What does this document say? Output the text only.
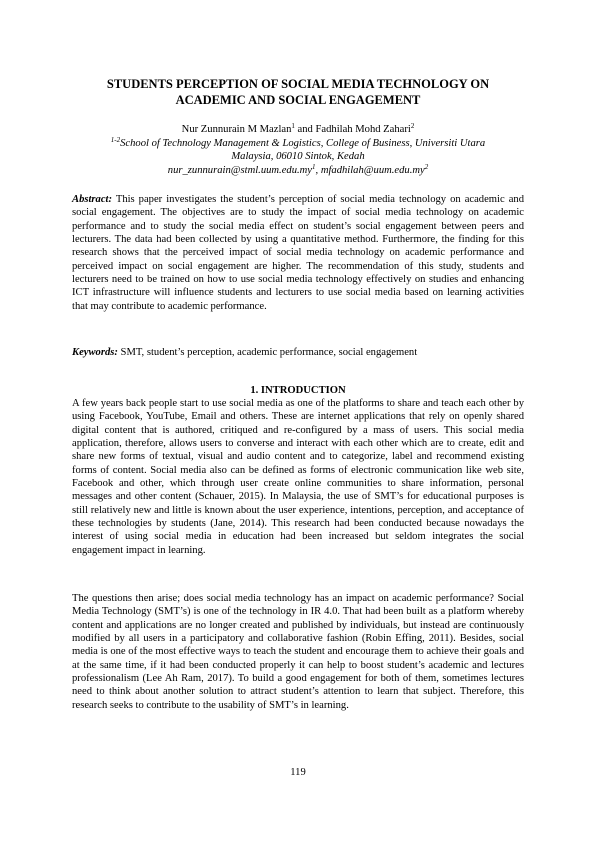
STUDENTS PERCEPTION OF SOCIAL MEDIA TECHNOLOGY ON
ACADEMIC AND SOCIAL ENGAGEMENT
Nur Zunnurain M Mazlan$^1$ and Fadhilah Mohd Zahari$^2$
$^{1-2}$School of Technology Management & Logistics, College of Business, Universiti Utara
Malaysia, 06010 Sintok, Kedah
$nur\_zunnurain@stml.uum.edu.my^1$, $mfadhilah@uum.edu.my^2$

Abstract: This paper investigates the student’s perception of social media technology on academic and social engagement. The objectives are to study the impact of social media technology on academic performance and to study the social media effect on student’s social engagement between peers and lecturers. The data had been collected by using a quantitative method. Furthermore, the finding for this research shows that the perceived impact of social media technology on academic performance and perceived impact on social engagement are higher. The recommendation of this study, students and lecturers need to be trained on how to use social media technology effectively on studies and enhancing ICT infrastructure will influence students and lecturers to use social media based on learning activities that may contribute to academic performance.

Keywords: SMT, student’s perception, academic performance, social engagement

1. INTRODUCTION

A few years back people start to use social media as one of the platforms to share and teach each other by using Facebook, YouTube, Email and others. These are internet applications that rely on openly shared digital content that is authored, critiqued and re-configured by a mass of users. This social media application, therefore, allows users to converse and interact with each other which are to create, edit and share new forms of textual, visual and audio content and to categorize, label and recommend existing forms of content. Social media also can be defined as forms of electronic communication like web site, Facebook and other, which through user create online communities to share information, personal messages and other content (Schauer, 2015). In Malaysia, the use of SMT’s for educational purposes is still relatively new and little is known about the user experience, intentions, perception, and acceptance of these technologies by students (Jane, 2014). This research had been conducted because nowadays the interest of using social media in education had been increased but seldom integrates the social engagement impact in learning.

The questions then arise; does social media technology has an impact on academic performance? Social Media Technology (SMT’s) is one of the technology in IR 4.0. That had been built as a platform whereby content and applications are no longer created and published by individuals, but instead are continuously modified by all users in a participatory and collaborative fashion (Robin Effing, 2011). Besides, social media is one of the most effective ways to teach the student and encourage them to achieve their goals and at the same time, if it had been conducted properly it can help to boost student’s academic and lectures professionalism (Lee Ah Ram, 2017). To build a good engagement for both of them, sometimes lectures need to think about another solution to attract student’s attention to learn that subject. Therefore, this research seeks to contribute to the usability of SMT’s in learning.

119
